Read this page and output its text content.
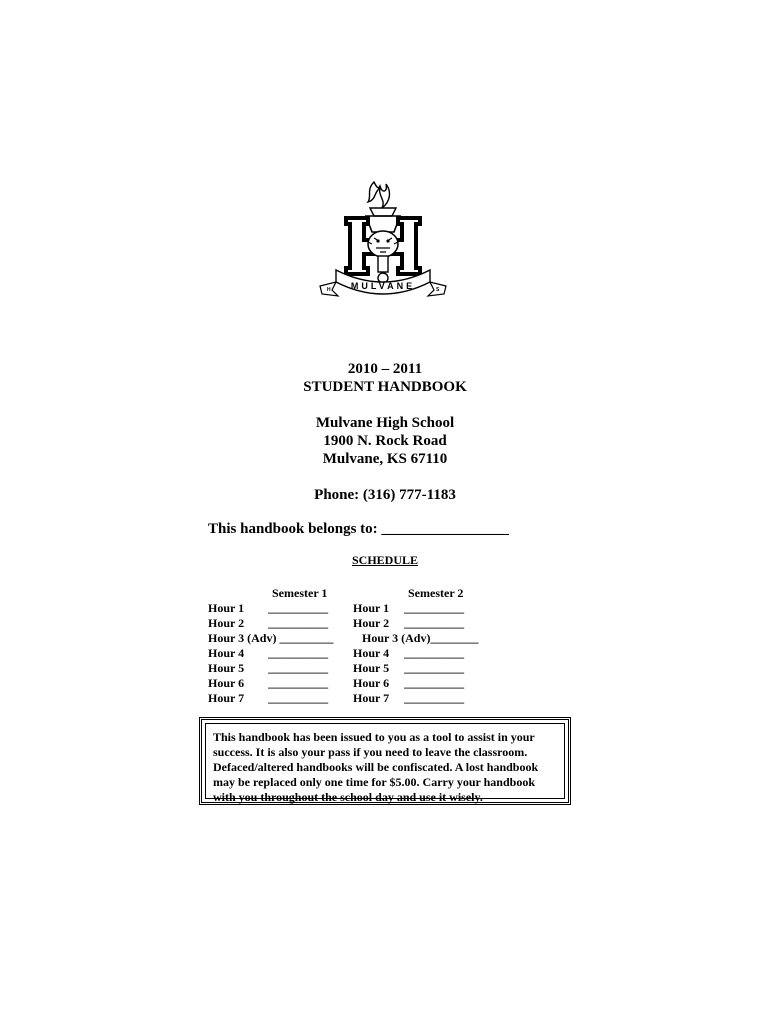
MULVANE
H	S
2010 – 2011
STUDENT HANDBOOK
Mulvane High School
1900 N. Rock Road
Mulvane, KS 67110
Phone: (316) 777-1183
This handbook belongs to: _________________
SCHEDULE
Semester 1	Semester 2
Hour 1        __________ Hour 1     __________
Hour 2        __________ Hour 2     __________
Hour 3 (Adv) _________ Hour 3 (Adv)________
Hour 4        __________ Hour 4     __________
Hour 5        __________ Hour 5     __________
Hour 6        __________ Hour 6     __________
Hour 7        __________ Hour 7     __________
This handbook has been issued to you as a tool to assist in your success. It is also your pass if you need to leave the classroom. Defaced/altered handbooks will be confiscated. A lost handbook may be replaced only one time for $5.00. Carry your handbook with you throughout the school day and use it wisely.
